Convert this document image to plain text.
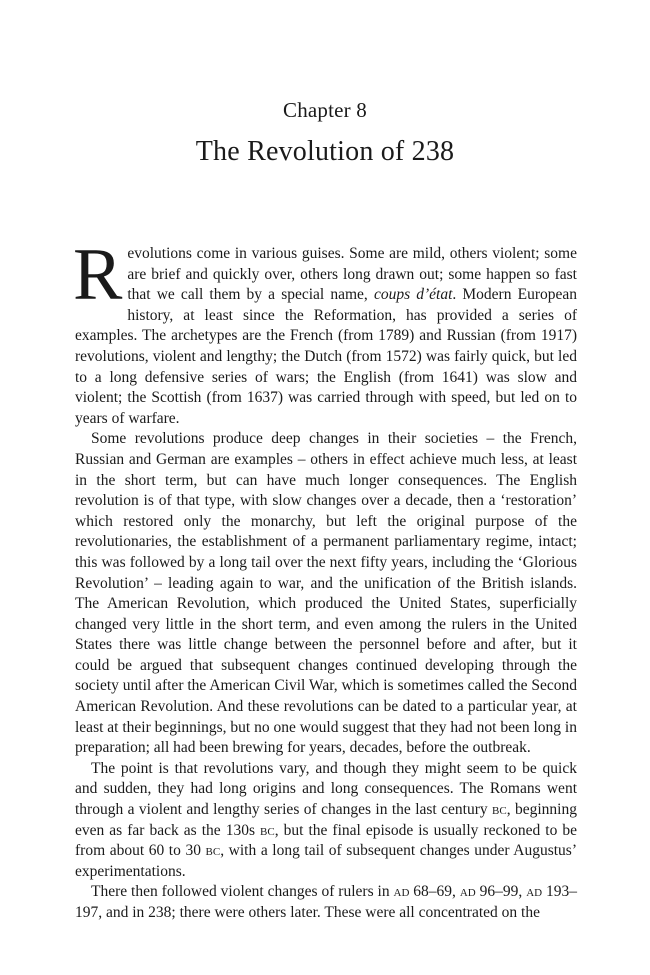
Chapter 8
The Revolution of 238

Revolutions come in various guises. Some are mild, others violent; some are brief and quickly over, others long drawn out; some happen so fast that we call them by a special name, coups d’état. Modern European history, at least since the Reformation, has provided a series of examples. The archetypes are the French (from 1789) and Russian (from 1917) revolutions, violent and lengthy; the Dutch (from 1572) was fairly quick, but led to a long defensive series of wars; the English (from 1641) was slow and violent; the Scottish (from 1637) was carried through with speed, but led on to years of warfare.

Some revolutions produce deep changes in their societies – the French, Russian and German are examples – others in effect achieve much less, at least in the short term, but can have much longer consequences. The English revolution is of that type, with slow changes over a decade, then a ‘restoration’ which restored only the monarchy, but left the original purpose of the revolutionaries, the establishment of a permanent parliamentary regime, intact; this was followed by a long tail over the next fifty years, including the ‘Glorious Revolution’ – leading again to war, and the unification of the British islands. The American Revolution, which produced the United States, superficially changed very little in the short term, and even among the rulers in the United States there was little change between the personnel before and after, but it could be argued that subsequent changes continued developing through the society until after the American Civil War, which is sometimes called the Second American Revolution. And these revolutions can be dated to a particular year, at least at their beginnings, but no one would suggest that they had not been long in preparation; all had been brewing for years, decades, before the outbreak.

The point is that revolutions vary, and though they might seem to be quick and sudden, they had long origins and long consequences. The Romans went through a violent and lengthy series of changes in the last century bc, beginning even as far back as the 130s bc, but the final episode is usually reckoned to be from about 60 to 30 bc, with a long tail of subsequent changes under Augustus’ experimentations.

There then followed violent changes of rulers in ad 68–69, ad 96–99, ad 193–197, and in 238; there were others later. These were all concentrated on the
